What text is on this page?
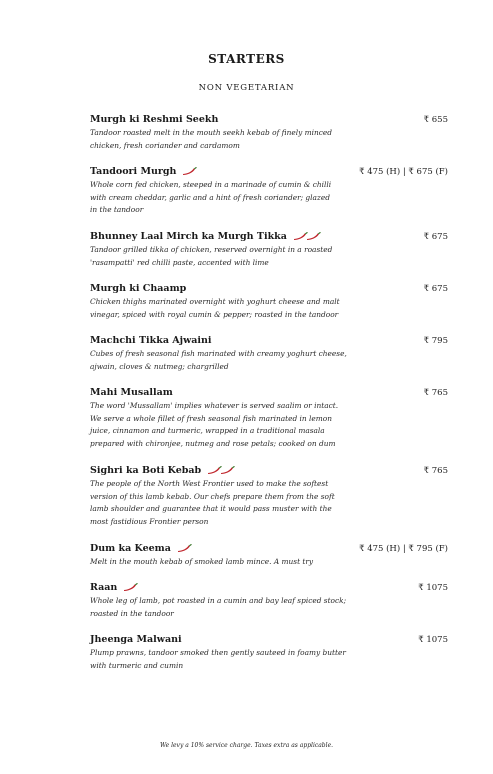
STARTERS
NON VEGETARIAN
Murgh ki Reshmi Seekh	₹ 655
Tandoor roasted melt in the mouth seekh kebab of finely minced
chicken, fresh coriander and cardamom
Tandoori Murgh	₹ 475 (H) | ₹ 675 (F)
Whole corn fed chicken, steeped in a marinade of cumin & chilli
with cream cheddar, garlic and a hint of fresh coriander; glazed
in the tandoor
Bhunney Laal Mirch ka Murgh Tikka	₹ 675
Tandoor grilled tikka of chicken, reserved overnight in a roasted
'rasampatti' red chilli paste, accented with lime
Murgh ki Chaamp	₹ 675
Chicken thighs marinated overnight with yoghurt cheese and malt
vinegar, spiced with royal cumin & pepper; roasted in the tandoor
Machchi Tikka Ajwaini	₹ 795
Cubes of fresh seasonal fish marinated with creamy yoghurt cheese,
ajwain, cloves & nutmeg; chargrilled
Mahi Musallam	₹ 765
The word 'Mussallam' implies whatever is served saalim or intact.
We serve a whole fillet of fresh seasonal fish marinated in lemon
juice, cinnamon and turmeric, wrapped in a traditional masala
prepared with chironjee, nutmeg and rose petals; cooked on dum
Sighri ka Boti Kebab	₹ 765
The people of the North West Frontier used to make the softest
version of this lamb kebab. Our chefs prepare them from the soft
lamb shoulder and guarantee that it would pass muster with the
most fastidious Frontier person
Dum ka Keema	₹ 475 (H) | ₹ 795 (F)
Melt in the mouth kebab of smoked lamb mince. A must try
Raan	₹ 1075
Whole leg of lamb, pot roasted in a cumin and bay leaf spiced stock;
roasted in the tandoor
Jheenga Malwani	₹ 1075
Plump prawns, tandoor smoked then gently sauteed in foamy butter
with turmeric and cumin
We levy a 10% service charge. Taxes extra as applicable.
